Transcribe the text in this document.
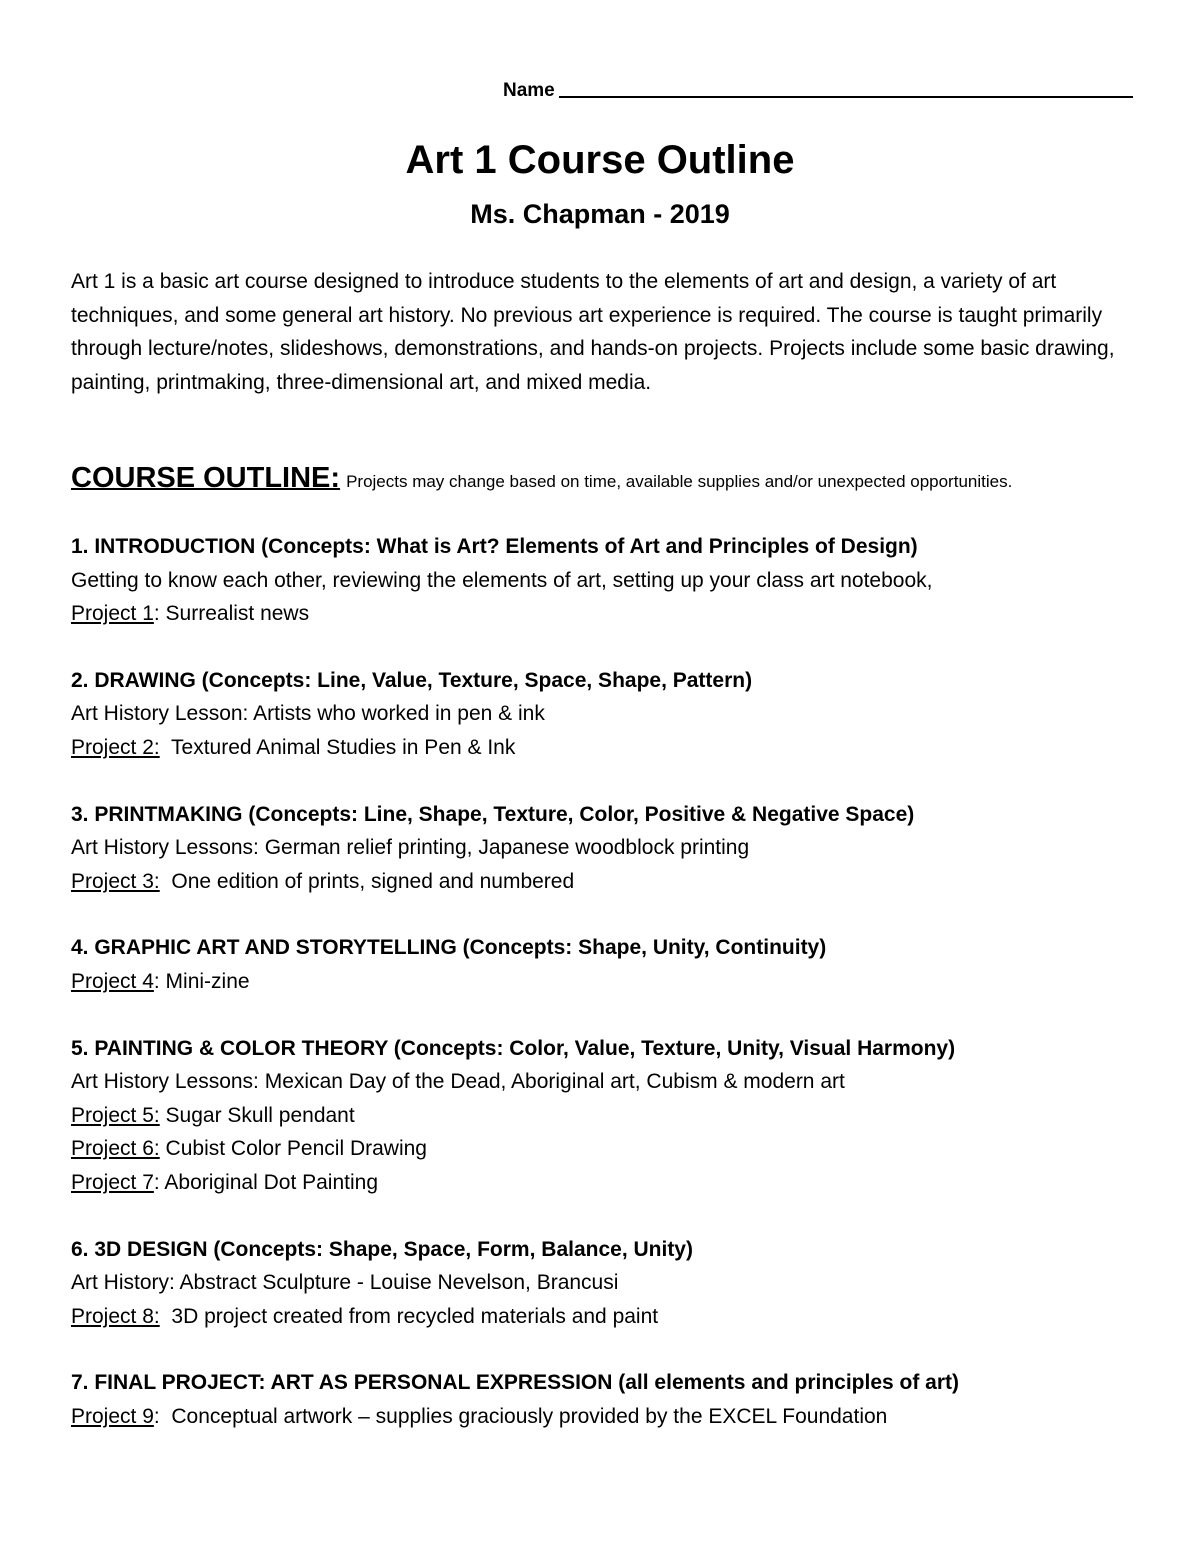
Name
Art 1 Course Outline
Ms. Chapman - 2019

Art 1 is a basic art course designed to introduce students to the elements of art and design, a variety of art techniques, and some general art history. No previous art experience is required. The course is taught primarily through lecture/notes, slideshows, demonstrations, and hands-on projects. Projects include some basic drawing, painting, printmaking, three-dimensional art, and mixed media.

COURSE OUTLINE: Projects may change based on time, available supplies and/or unexpected opportunities.
1. INTRODUCTION (Concepts: What is Art? Elements of Art and Principles of Design)
Getting to know each other, reviewing the elements of art, setting up your class art notebook,
Project 1: Surrealist news
2. DRAWING (Concepts: Line, Value, Texture, Space, Shape, Pattern)
Art History Lesson: Artists who worked in pen & ink
Project 2:  Textured Animal Studies in Pen & Ink
3. PRINTMAKING (Concepts: Line, Shape, Texture, Color, Positive & Negative Space)
Art History Lessons: German relief printing, Japanese woodblock printing
Project 3:  One edition of prints, signed and numbered
4. GRAPHIC ART AND STORYTELLING (Concepts: Shape, Unity, Continuity)
Project 4: Mini-zine
5. PAINTING & COLOR THEORY (Concepts: Color, Value, Texture, Unity, Visual Harmony)
Art History Lessons: Mexican Day of the Dead, Aboriginal art, Cubism & modern art
Project 5: Sugar Skull pendant
Project 6: Cubist Color Pencil Drawing
Project 7: Aboriginal Dot Painting
6. 3D DESIGN (Concepts: Shape, Space, Form, Balance, Unity)
Art History: Abstract Sculpture - Louise Nevelson, Brancusi
Project 8:  3D project created from recycled materials and paint
7. FINAL PROJECT: ART AS PERSONAL EXPRESSION (all elements and principles of art)
Project 9:  Conceptual artwork – supplies graciously provided by the EXCEL Foundation
